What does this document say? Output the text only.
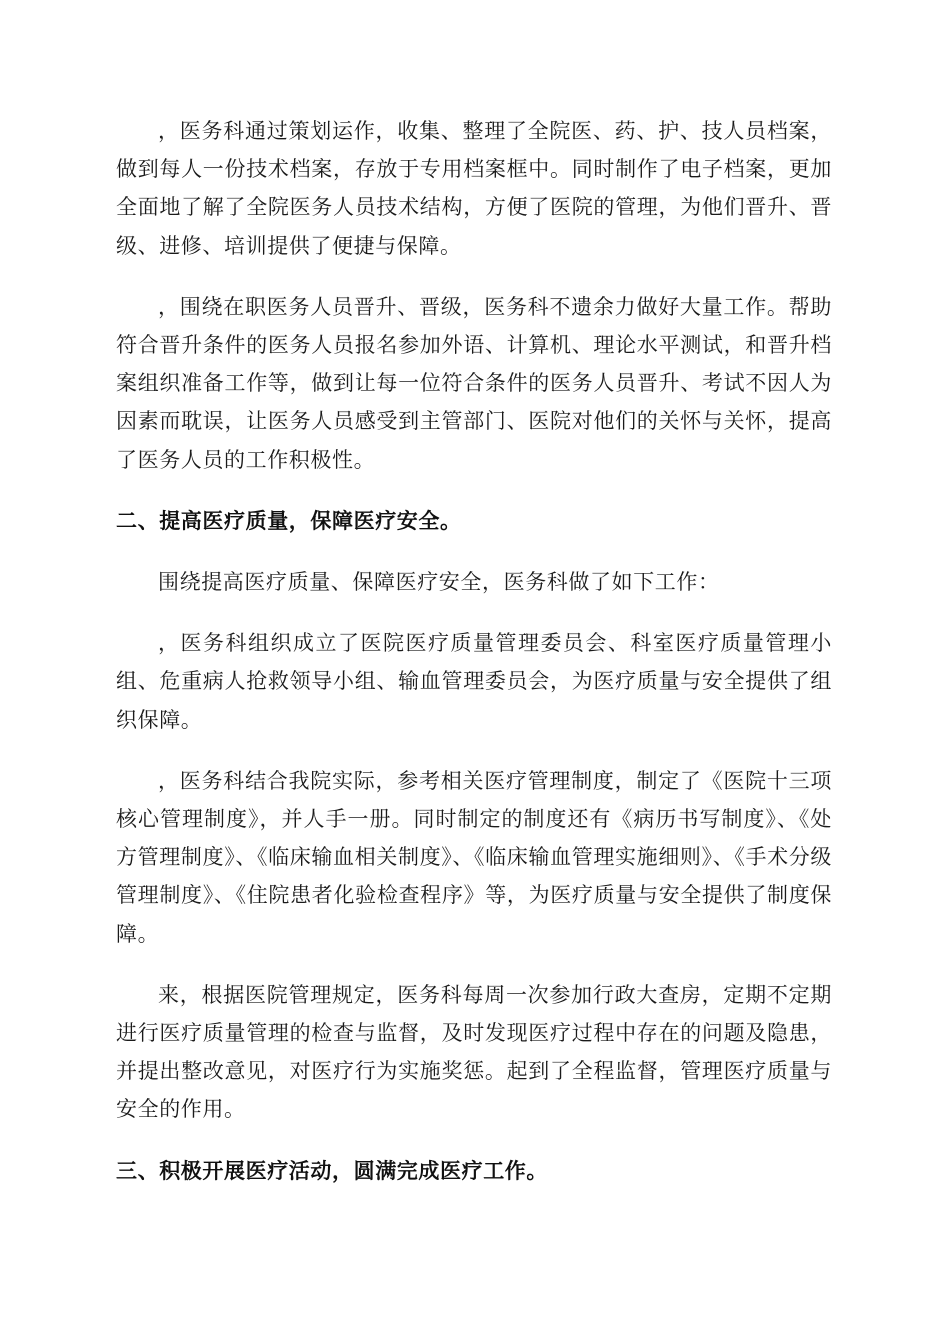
，医务科通过策划运作，收集、整理了全院医、药、护、技人员档案，做到每人一份技术档案，存放于专用档案框中。同时制作了电子档案，更加全面地了解了全院医务人员技术结构，方便了医院的管理，为他们晋升、晋级、进修、培训提供了便捷与保障。

，围绕在职医务人员晋升、晋级，医务科不遗余力做好大量工作。帮助符合晋升条件的医务人员报名参加外语、计算机、理论水平测试，和晋升档案组织准备工作等，做到让每一位符合条件的医务人员晋升、考试不因人为因素而耽误，让医务人员感受到主管部门、医院对他们的关怀与关怀，提高了医务人员的工作积极性。

二、提高医疗质量，保障医疗安全。

围绕提高医疗质量、保障医疗安全，医务科做了如下工作：

，医务科组织成立了医院医疗质量管理委员会、科室医疗质量管理小组、危重病人抢救领导小组、输血管理委员会，为医疗质量与安全提供了组织保障。

，医务科结合我院实际，参考相关医疗管理制度，制定了《医院十三项核心管理制度》，并人手一册。同时制定的制度还有《病历书写制度》、《处方管理制度》、《临床输血相关制度》、《临床输血管理实施细则》、《手术分级管理制度》、《住院患者化验检查程序》等，为医疗质量与安全提供了制度保障。

来，根据医院管理规定，医务科每周一次参加行政大查房，定期不定期进行医疗质量管理的检查与监督，及时发现医疗过程中存在的问题及隐患，并提出整改意见，对医疗行为实施奖惩。起到了全程监督，管理医疗质量与安全的作用。

三、积极开展医疗活动，圆满完成医疗工作。
